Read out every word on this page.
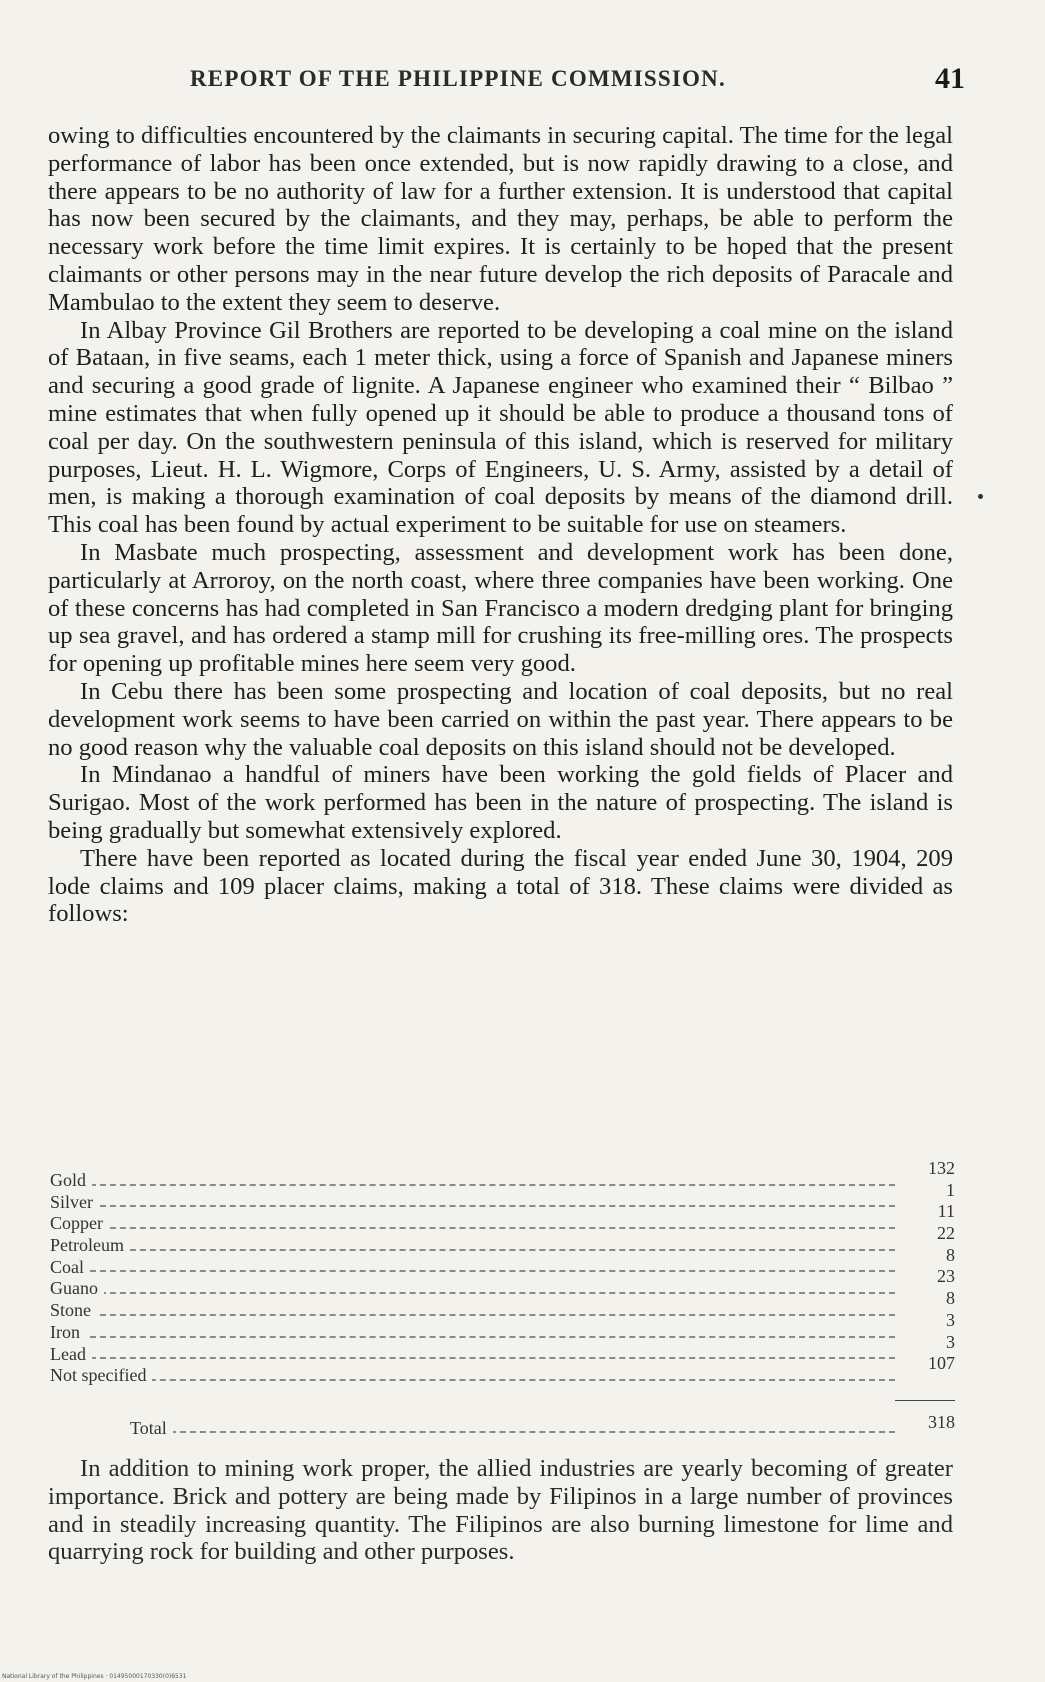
REPORT OF THE PHILIPPINE COMMISSION.	41

owing to difficulties encountered by the claimants in securing capital. The time for the legal performance of labor has been once extended, but is now rapidly drawing to a close, and there appears to be no authority of law for a further extension. It is understood that capital has now been secured by the claimants, and they may, perhaps, be able to perform the necessary work before the time limit expires. It is certainly to be hoped that the present claimants or other persons may in the near future develop the rich deposits of Paracale and Mambulao to the extent they seem to deserve.

In Albay Province Gil Brothers are reported to be developing a coal mine on the island of Bataan, in five seams, each 1 meter thick, using a force of Spanish and Japanese miners and securing a good grade of lignite. A Japanese engineer who examined their “ Bilbao ” mine estimates that when fully opened up it should be able to produce a thousand tons of coal per day. On the southwestern peninsula of this island, which is reserved for military purposes, Lieut. H. L. Wigmore, Corps of Engineers, U. S. Army, assisted by a detail of men, is making a thorough examination of coal deposits by means of the diamond drill. This coal has been found by actual experiment to be suitable for use on steamers.

In Masbate much prospecting, assessment and development work has been done, particularly at Arroroy, on the north coast, where three companies have been working. One of these concerns has had completed in San Francisco a modern dredging plant for bringing up sea gravel, and has ordered a stamp mill for crushing its free-milling ores. The prospects for opening up profitable mines here seem very good.

In Cebu there has been some prospecting and location of coal deposits, but no real development work seems to have been carried on within the past year. There appears to be no good reason why the valuable coal deposits on this island should not be developed.

In Mindanao a handful of miners have been working the gold fields of Placer and Surigao. Most of the work performed has been in the nature of prospecting. The island is being gradually but somewhat extensively explored.

There have been reported as located during the fiscal year ended June 30, 1904, 209 lode claims and 109 placer claims, making a total of 318. These claims were divided as follows:

Gold
132
Silver
1
Copper
11
Petroleum
22
Coal
8
Guano
23
Stone
8
Iron
3
Lead
3
Not specified
107
Total	318

In addition to mining work proper, the allied industries are yearly becoming of greater importance. Brick and pottery are being made by Filipinos in a large number of provinces and in steadily increasing quantity. The Filipinos are also burning limestone for lime and quarrying rock for building and other purposes.

National Library of the Philippines · 01495000170330(0)6531
